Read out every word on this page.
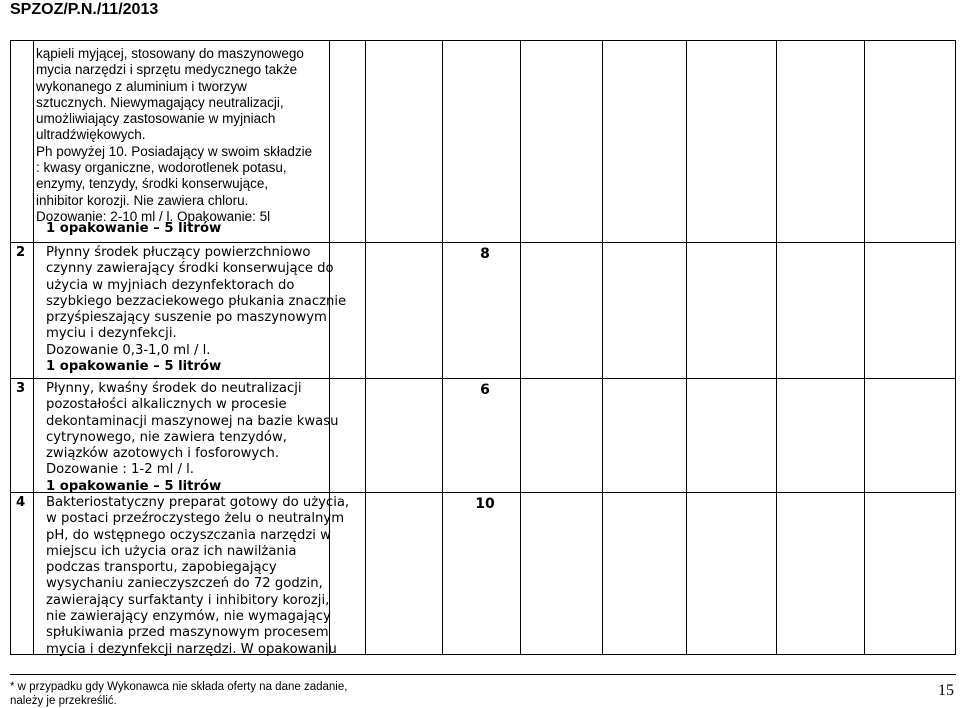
SPZOZ/P.N./11/2013
kąpieli myjącej, stosowany do maszynowego
mycia narzędzi i sprzętu medycznego także
wykonanego z aluminium i tworzyw
sztucznych. Niewymagający neutralizacji,
umożliwiający zastosowanie w myjniach
ultradźwiękowych.
Ph powyżej 10. Posiadający w swoim składzie
: kwasy organiczne, wodorotlenek potasu,
enzymy, tenzydy, środki konserwujące,
inhibitor korozji. Nie zawiera chloru.
Dozowanie: 2-10 ml / l. Opakowanie: 5l
1 opakowanie – 5 litrów
2 Płynny środek płuczący powierzchniowo
czynny zawierający środki konserwujące do
użycia w myjniach dezynfektorach do
szybkiego bezzaciekowego płukania znacznie
przyśpieszający suszenie po maszynowym
myciu i dezynfekcji.
Dozowanie 0,3-1,0 ml / l.
1 opakowanie – 5 litrów
8
3 Płynny, kwaśny środek do neutralizacji
pozostałości alkalicznych w procesie
dekontaminacji maszynowej na bazie kwasu
cytrynowego, nie zawiera tenzydów,
związków azotowych i fosforowych.
Dozowanie : 1-2 ml / l.
1 opakowanie – 5 litrów
6
4 Bakteriostatyczny preparat gotowy do użycia,
w postaci przeźroczystego żelu o neutralnym
pH, do wstępnego oczyszczania narzędzi w
miejscu ich użycia oraz ich nawilżania
podczas transportu, zapobiegający
wysychaniu zanieczyszczeń do 72 godzin,
zawierający surfaktanty i inhibitory korozji,
nie zawierający enzymów, nie wymagający
spłukiwania przed maszynowym procesem
mycia i dezynfekcji narzędzi. W opakowaniu
10
* w przypadku gdy Wykonawca nie składa oferty na dane zadanie,
należy je przekreślić.
15
